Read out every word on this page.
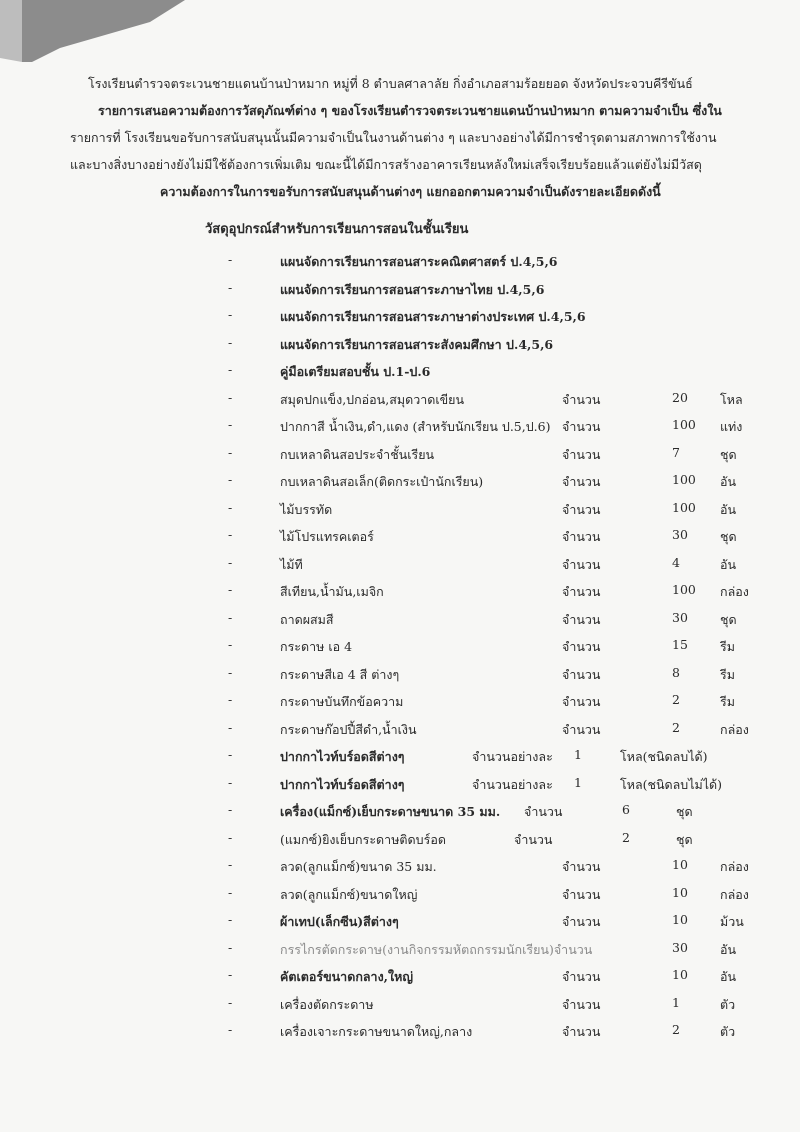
โรงเรียนตำรวจตระเวนชายแดนบ้านป่าหมาก หมู่ที่ 8 ตำบลศาลาลัย กิ่งอำเภอสามร้อยยอด จังหวัดประจวบคีรีขันธ์
รายการเสนอความต้องการวัสดุภัณฑ์ต่าง ๆ ของโรงเรียนตำรวจตระเวนชายแดนบ้านป่าหมาก ตามความจำเป็น ซึ่งใน
รายการที่ โรงเรียนขอรับการสนับสนุนนั้นมีความจำเป็นในงานด้านต่าง ๆ และบางอย่างได้มีการชำรุดตามสภาพการใช้งาน
และบางสิ่งบางอย่างยังไม่มีใช้ต้องการเพิ่มเติม ขณะนี้ได้มีการสร้างอาคารเรียนหลังใหม่เสร็จเรียบร้อยแล้วแต่ยังไม่มีวัสดุ
ความต้องการในการขอรับการสนับสนุนด้านต่างๆ แยกออกตามความจำเป็นดังรายละเอียดดังนี้
วัสดุอุปกรณ์สำหรับการเรียนการสอนในชั้นเรียน
-	แผนจัดการเรียนการสอนสาระคณิตศาสตร์ ป.4,5,6
-	แผนจัดการเรียนการสอนสาระภาษาไทย ป.4,5,6
-	แผนจัดการเรียนการสอนสาระภาษาต่างประเทศ ป.4,5,6
-	แผนจัดการเรียนการสอนสาระสังคมศึกษา ป.4,5,6
-	คู่มือเตรียมสอบชั้น ป.1-ป.6
-	สมุดปกแข็ง,ปกอ่อน,สมุดวาดเขียน	จำนวน	20	โหล
-	ปากกาสี น้ำเงิน,ดำ,แดง (สำหรับนักเรียน ป.5,ป.6) จำนวน	100 แท่ง
-	กบเหลาดินสอประจำชั้นเรียน	จำนวน	7	ชุด
-	กบเหลาดินสอเล็ก(ติดกระเป๋านักเรียน)	จำนวน	100 อัน
-	ไม้บรรทัด	จำนวน	100 อัน
-	ไม้โปรแทรคเตอร์	จำนวน	30	ชุด
-	ไม้ที	จำนวน	4	อัน
-	สีเทียน,น้ำมัน,เมจิก	จำนวน	100 กล่อง
-	ถาดผสมสี	จำนวน	30	ชุด
-	กระดาษ เอ 4	จำนวน	15	รีม
-	กระดาษสีเอ 4 สี ต่างๆ	จำนวน	8	รีม
-	กระดาษบันทึกข้อความ	จำนวน	2	รีม
-	กระดาษก๊อปปี้สีดำ,น้ำเงิน	จำนวน	2	กล่อง
-	ปากกาไวท์บร์อดสีต่างๆ	จำนวนอย่างละ 1	โหล(ชนิดลบได้)
-	ปากกาไวท์บร์อดสีต่างๆ	จำนวนอย่างละ 1	โหล(ชนิดลบไม่ได้)
-	เครื่อง(แม็กซ์)เย็บกระดาษขนาด 35 มม. จำนวน	6	ชุด
-	(แมกซ์)ยิงเย็บกระดาษติดบร์อด	จำนวน	2	ชุด
-	ลวด(ลูกแม็กซ์)ขนาด 35 มม.	จำนวน	10	กล่อง
-	ลวด(ลูกแม็กซ์)ขนาดใหญ่	จำนวน	10	กล่อง
-	ผ้าเทป(เล็กซีน)สีต่างๆ	จำนวน	10	ม้วน
-	กรรไกรตัดกระดาษ(งานกิจกรรมหัตถกรรมนักเรียน)จำนวน	30	อัน
-	คัตเตอร์ขนาดกลาง,ใหญ่	จำนวน	10	อัน
-	เครื่องตัดกระดาษ	จำนวน	1	ตัว
-	เครื่องเจาะกระดาษขนาดใหญ่,กลาง	จำนวน	2	ตัว
